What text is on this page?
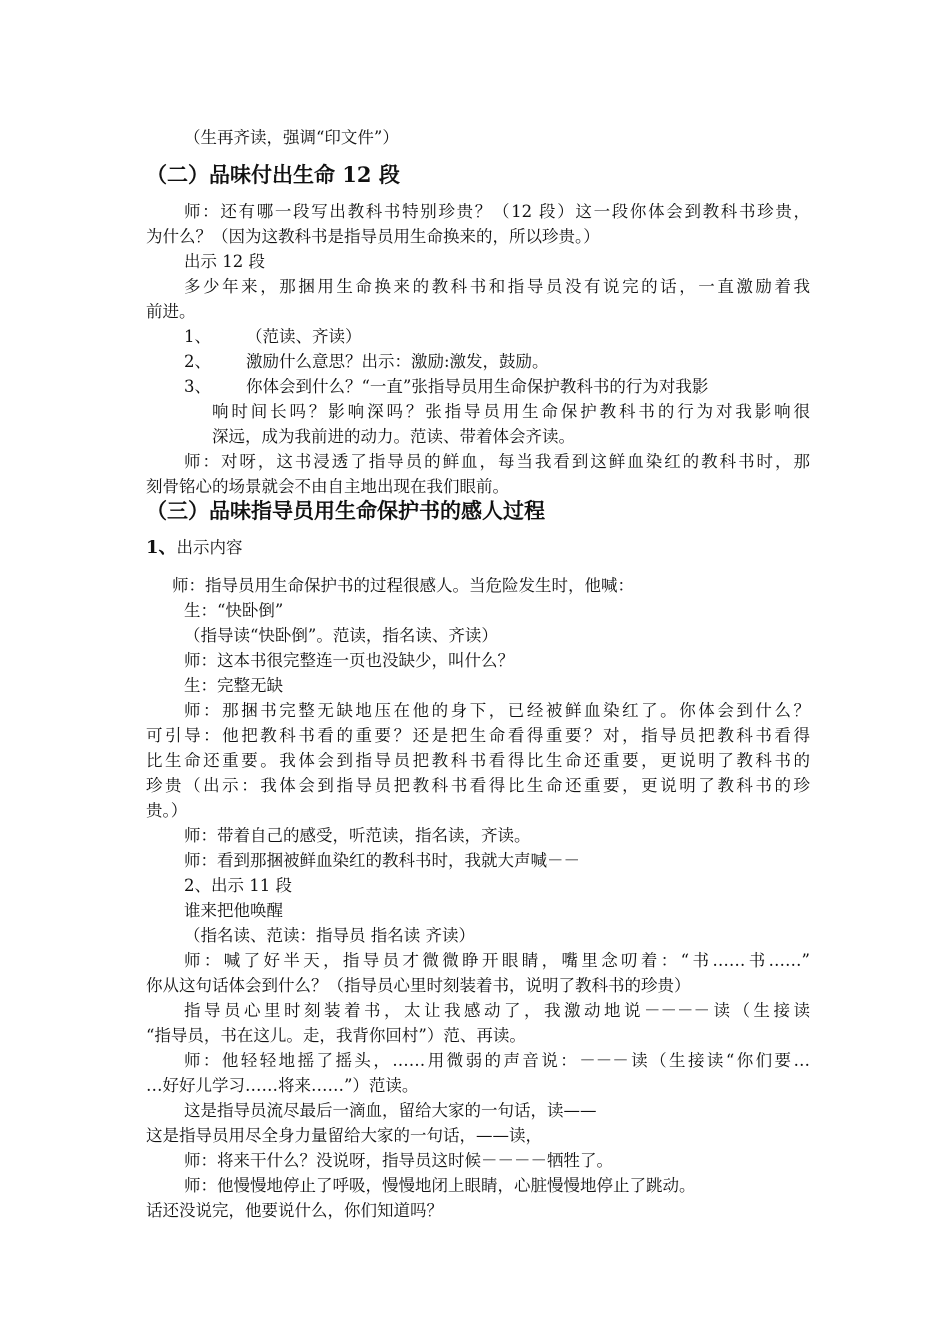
（生再齐读，强调“印文件”）
（二）品味付出生命 12 段
师：还有哪一段写出教科书特别珍贵？（12 段）这一段你体会到教科书珍贵，
为什么？（因为这教科书是指导员用生命换来的，所以珍贵。）
出示 12 段
多少年来，那捆用生命换来的教科书和指导员没有说完的话，一直激励着我
前进。
1、 （范读、齐读）
2、 激励什么意思？出示：激励:激发，鼓励。
3、 你体会到什么？“一直”张指导员用生命保护教科书的行为对我影
响时间长吗？影响深吗？张指导员用生命保护教科书的行为对我影响很
深远，成为我前进的动力。范读、带着体会齐读。
师：对呀，这书浸透了指导员的鲜血，每当我看到这鲜血染红的教科书时，那
刻骨铭心的场景就会不由自主地出现在我们眼前。
（三）品味指导员用生命保护书的感人过程
1、出示内容
师：指导员用生命保护书的过程很感人。当危险发生时，他喊：
生：“快卧倒”
（指导读“快卧倒”。范读，指名读、齐读）
师：这本书很完整连一页也没缺少，叫什么？
生：完整无缺
师：那捆书完整无缺地压在他的身下，已经被鲜血染红了。你体会到什么？
可引导：他把教科书看的重要？还是把生命看得重要？对，指导员把教科书看得
比生命还重要。我体会到指导员把教科书看得比生命还重要，更说明了教科书的
珍贵（出示：我体会到指导员把教科书看得比生命还重要，更说明了教科书的珍
贵。）
师：带着自己的感受，听范读，指名读，齐读。
师：看到那捆被鲜血染红的教科书时，我就大声喊－－
2、出示 11 段
谁来把他唤醒
（指名读、范读：指导员 指名读 齐读）
师：喊了好半天，指导员才微微睁开眼睛，嘴里念叨着：“书……书……”
你从这句话体会到什么？（指导员心里时刻装着书，说明了教科书的珍贵）
指导员心里时刻装着书，太让我感动了，我激动地说－－－－读（生接读
“指导员，书在这儿。走，我背你回村”）范、再读。
师：他轻轻地摇了摇头，……用微弱的声音说：－－－读（生接读“你们要…
…好好儿学习……将来……”）范读。
这是指导员流尽最后一滴血，留给大家的一句话，读——
这是指导员用尽全身力量留给大家的一句话，——读，
师：将来干什么？没说呀，指导员这时候－－－－牺牲了。
师：他慢慢地停止了呼吸，慢慢地闭上眼睛，心脏慢慢地停止了跳动。
话还没说完，他要说什么，你们知道吗？
